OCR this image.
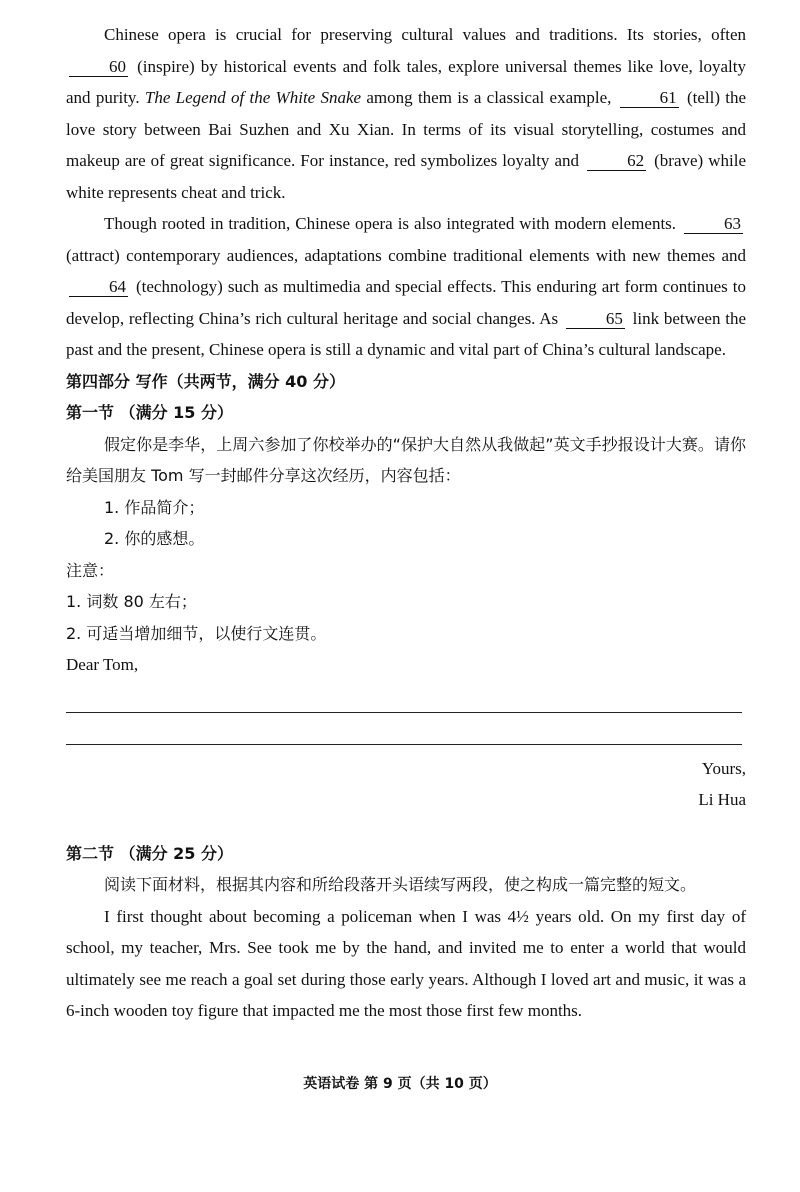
Chinese opera is crucial for preserving cultural values and traditions. Its stories, often 60 (inspire) by historical events and folk tales, explore universal themes like love, loyalty and purity. The Legend of the White Snake among them is a classical example,	61 (tell) the love story between Bai Suzhen and Xu Xian. In terms of its visual storytelling, costumes and makeup are of great significance. For instance, red symbolizes loyalty and	62 (brave) while white represents cheat and trick.

Though rooted in tradition, Chinese opera is also integrated with modern elements.	63 (attract) contemporary audiences, adaptations combine traditional elements with new themes and 64 (technology) such as multimedia and special effects. This enduring art form continues to develop, reflecting China’s rich cultural heritage and social changes. As	65 link between the past and the present, Chinese opera is still a dynamic and vital part of China’s cultural landscape.

第四部分 写作（共两节，满分 40 分）
第一节 （满分 15 分）

假定你是李华，上周六参加了你校举办的“保护大自然从我做起”英文手抄报设计大赛。请你给美国朋友 Tom 写一封邮件分享这次经历，内容包括：

1. 作品简介；
2. 你的感想。
注意：
1. 词数 80 左右；
2. 可适当增加细节，以使行文连贯。
Dear Tom,
Yours,
Li Hua
第二节 （满分 25 分）

阅读下面材料，根据其内容和所给段落开头语续写两段，使之构成一篇完整的短文。

I first thought about becoming a policeman when I was 4½ years old. On my first day of school, my teacher, Mrs. See took me by the hand, and invited me to enter a world that would ultimately see me reach a goal set during those early years. Although I loved art and music, it was a 6-inch wooden toy figure that impacted me the most those first few months.

英语试卷 第 9 页（共 10 页）
